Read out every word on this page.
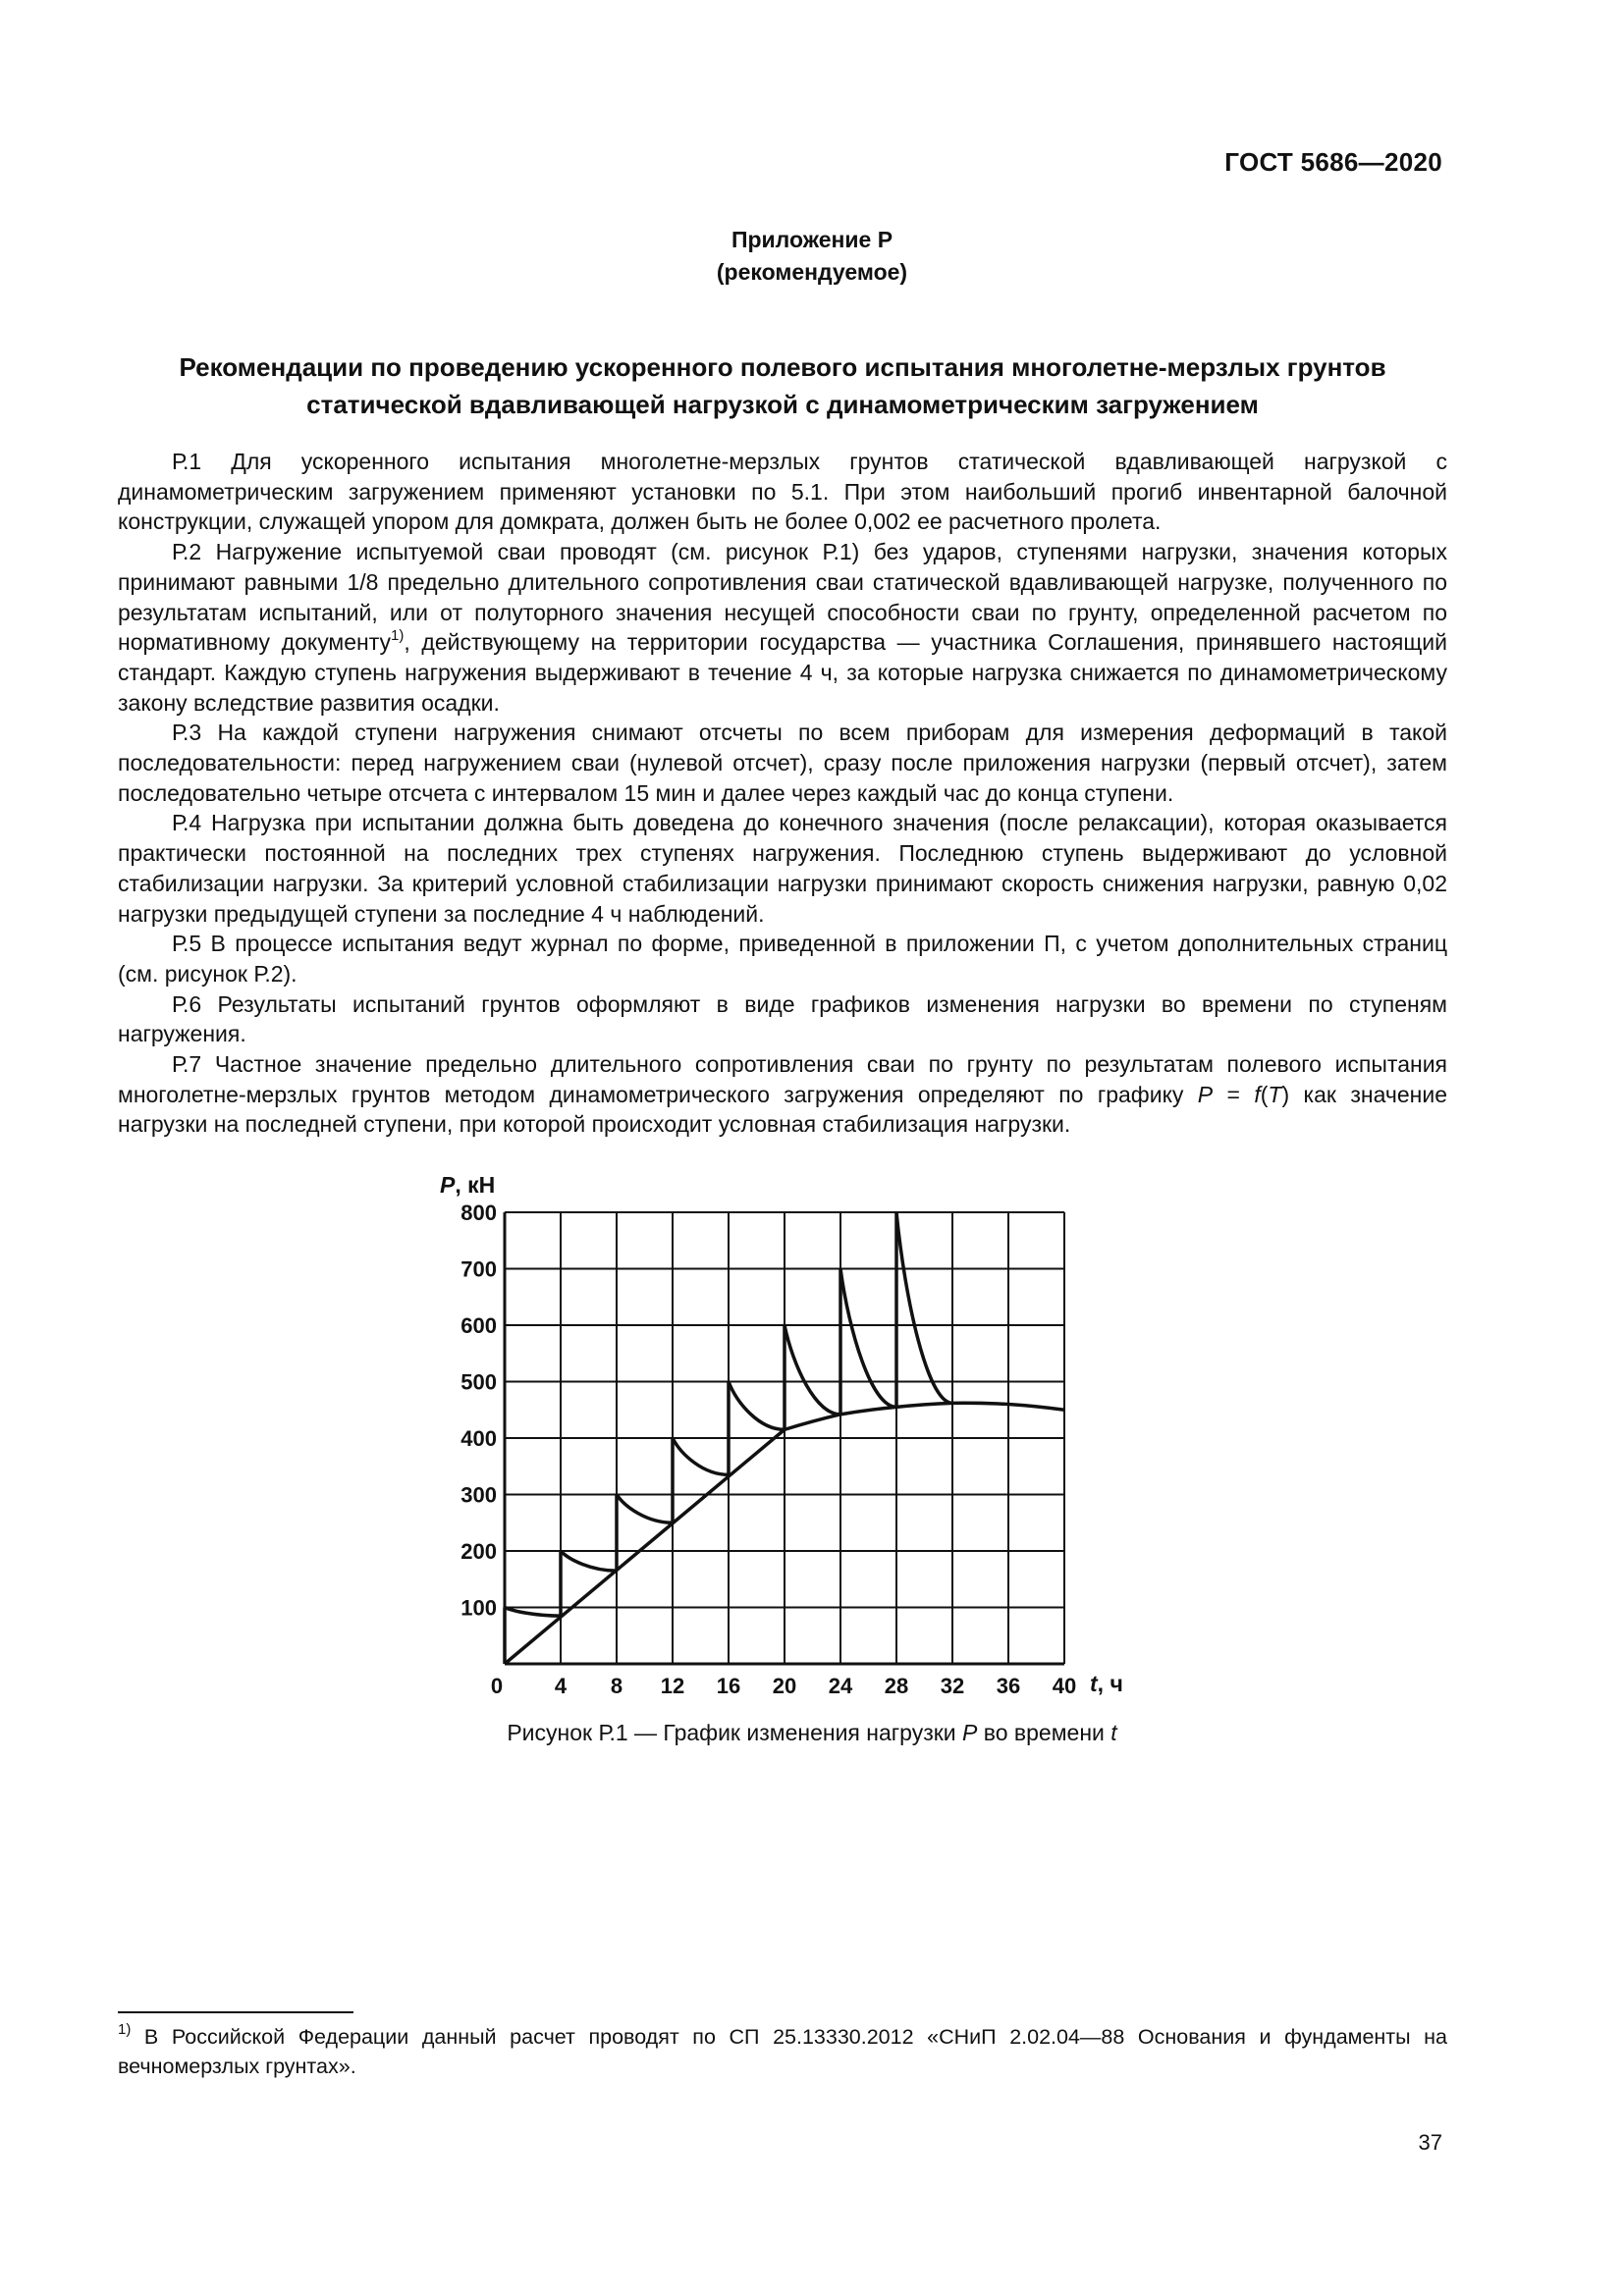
ГОСТ 5686—2020
Приложение Р
(рекомендуемое)
Рекомендации по проведению ускоренного полевого испытания многолетне-мерзлых грунтов
статической вдавливающей нагрузкой с динамометрическим загружением

Р.1 Для ускоренного испытания многолетне-мерзлых грунтов статической вдавливающей нагрузкой с динамометрическим загружением применяют установки по 5.1. При этом наибольший прогиб инвентарной балочной конструкции, служащей упором для домкрата, должен быть не более 0,002 ее расчетного пролета.

Р.2 Нагружение испытуемой сваи проводят (см. рисунок Р.1) без ударов, ступенями нагрузки, значения которых принимают равными 1/8 предельно длительного сопротивления сваи статической вдавливающей нагрузке, полученного по результатам испытаний, или от полуторного значения несущей способности сваи по грунту, определенной расчетом по нормативному документу$^{1)}$, действующему на территории государства — участника Соглашения, принявшего настоящий стандарт. Каждую ступень нагружения выдерживают в течение 4 ч, за которые нагрузка снижается по динамометрическому закону вследствие развития осадки.

Р.3 На каждой ступени нагружения снимают отсчеты по всем приборам для измерения деформаций в такой последовательности: перед нагружением сваи (нулевой отсчет), сразу после приложения нагрузки (первый отсчет), затем последовательно четыре отсчета с интервалом 15 мин и далее через каждый час до конца ступени.

Р.4 Нагрузка при испытании должна быть доведена до конечного значения (после релаксации), которая оказывается практически постоянной на последних трех ступенях нагружения. Последнюю ступень выдерживают до условной стабилизации нагрузки. За критерий условной стабилизации нагрузки принимают скорость снижения нагрузки, равную 0,02 нагрузки предыдущей ступени за последние 4 ч наблюдений.

Р.5 В процессе испытания ведут журнал по форме, приведенной в приложении П, с учетом дополнительных страниц (см. рисунок Р.2).

Р.6 Результаты испытаний грунтов оформляют в виде графиков изменения нагрузки во времени по ступеням нагружения.

Р.7 Частное значение предельно длительного сопротивления сваи по грунту по результатам полевого испытания многолетне-мерзлых грунтов методом динамометрического загружения определяют по графику P = f(T) как значение нагрузки на последней ступени, при которой происходит условная стабилизация нагрузки.

P, кН
t, ч
0 4 8 12 16 20 24 28 32 36 40
100
200
300
400
500
600
700
800
Рисунок Р.1 — График изменения нагрузки P во времени t
$^{1)}$ В Российской Федерации данный расчет проводят по СП 25.13330.2012 «СНиП 2.02.04—88 Основания и фундаменты на вечномерзлых грунтах».
37
